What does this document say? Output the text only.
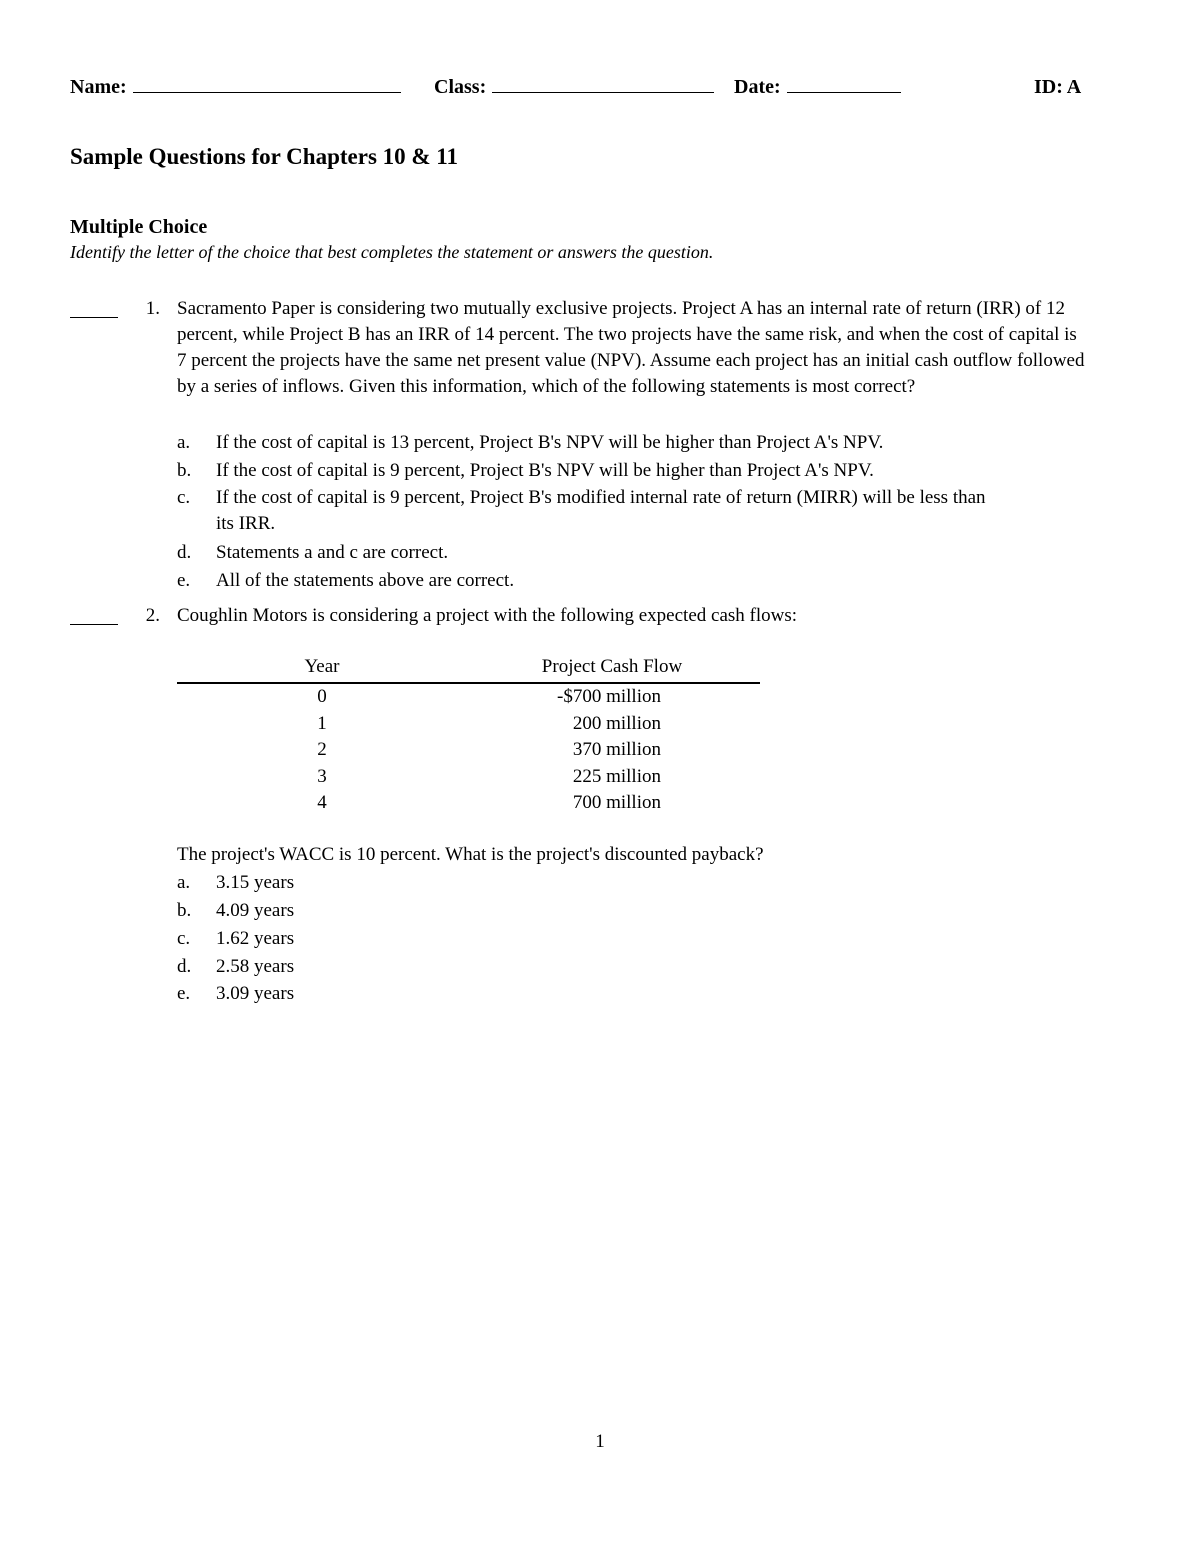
Name:	Class:	Date:	ID: A
Sample Questions for Chapters 10 & 11
Multiple Choice
Identify the letter of the choice that best completes the statement or answers the question.
1. Sacramento Paper is considering two mutually exclusive projects. Project A has an internal rate of return (IRR) of 12 percent, while Project B has an IRR of 14 percent. The two projects have the same risk, and when the cost of capital is 7 percent the projects have the same net present value (NPV). Assume each project has an initial cash outflow followed by a series of inflows. Given this information, which of the following statements is most correct?
a. If the cost of capital is 13 percent, Project B's NPV will be higher than Project A's NPV.
b. If the cost of capital is 9 percent, Project B's NPV will be higher than Project A's NPV.
c. If the cost of capital is 9 percent, Project B's modified internal rate of return (MIRR) will be less than its IRR.
d. Statements a and c are correct.
e. All of the statements above are correct.
2. Coughlin Motors is considering a project with the following expected cash flows:
Year	Project Cash Flow
0	-$700 million
1	200 million
2	370 million
3	225 million
4	700 million
The project's WACC is 10 percent. What is the project's discounted payback?
a. 3.15 years
b. 4.09 years
c. 1.62 years
d. 2.58 years
e. 3.09 years
1
